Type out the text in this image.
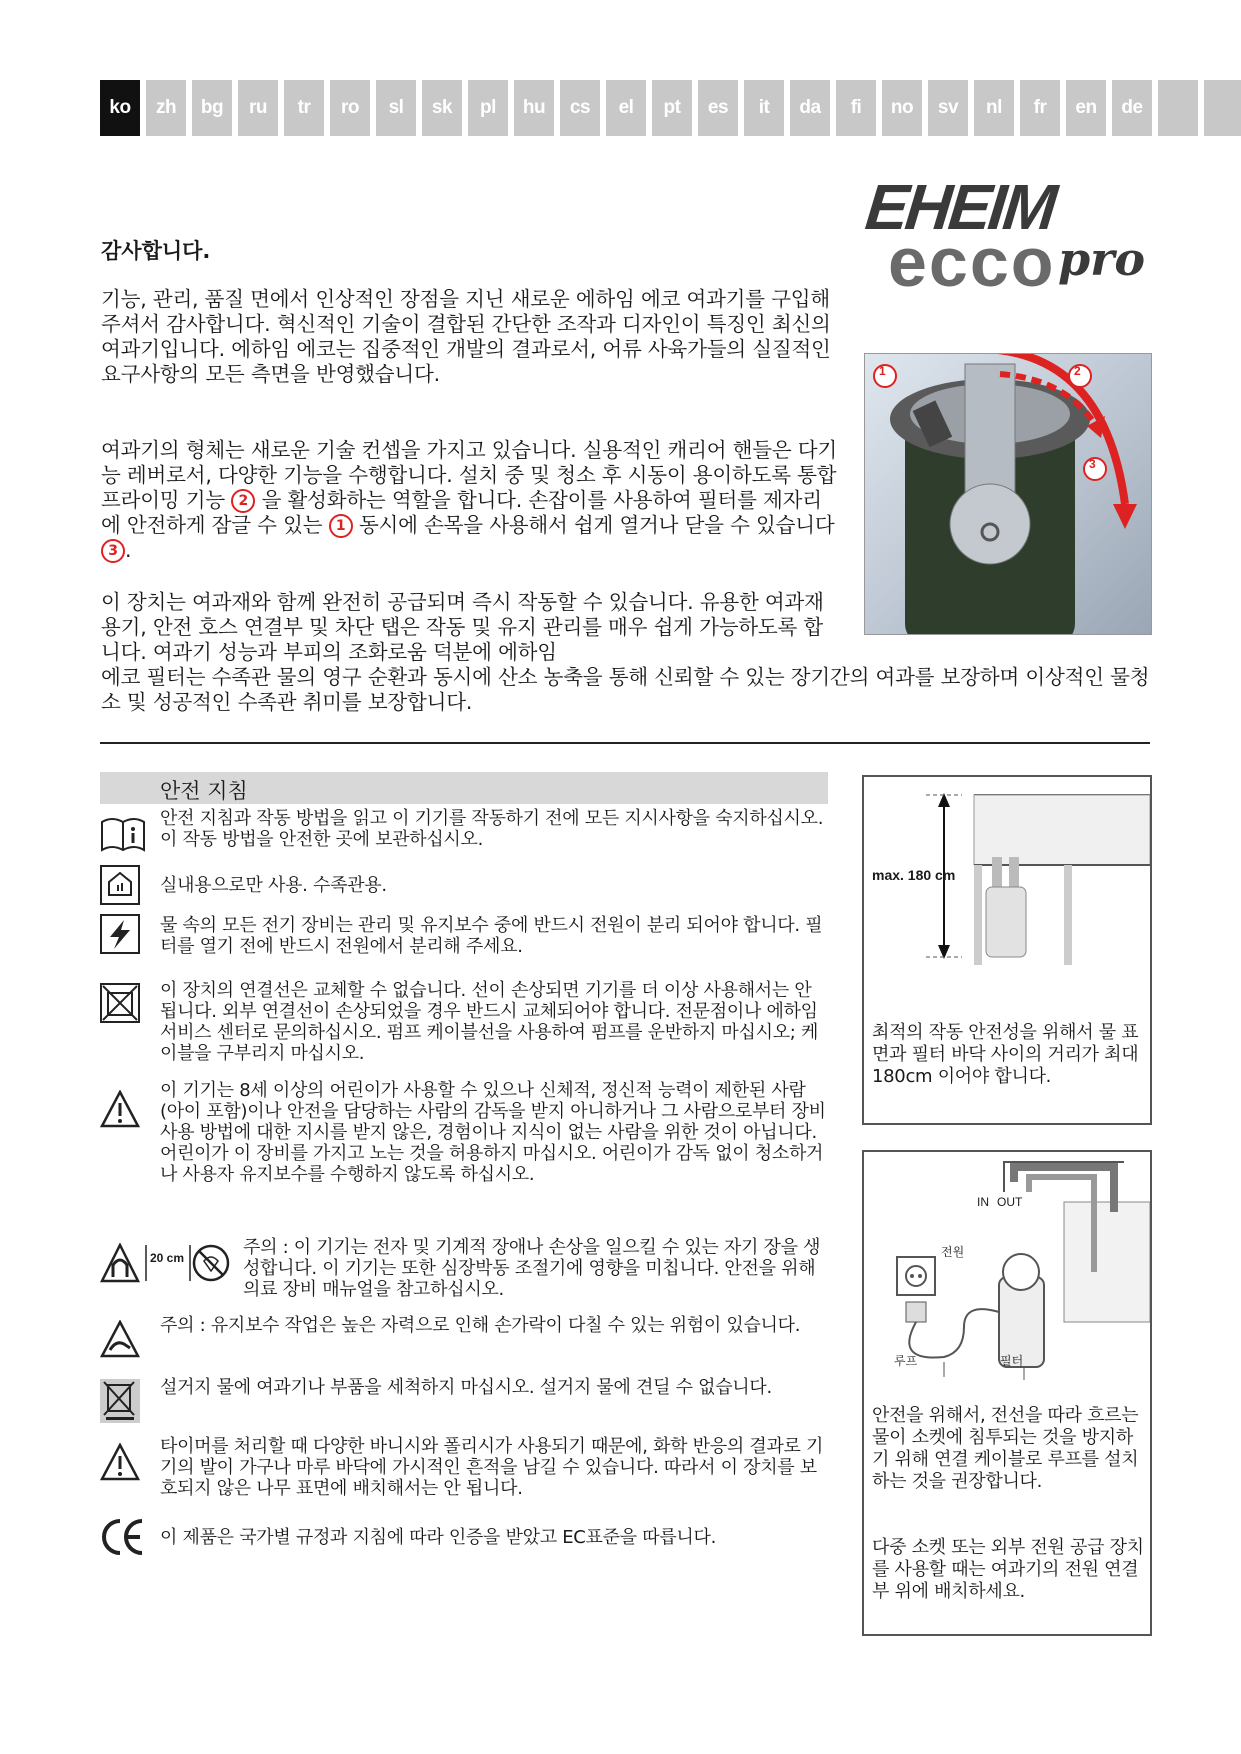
ko	zh	bg	ru	tr	ro	sl	sk	pl	hu	cs	el	pt	es	it	da	fi	no	sv	nl	fr	en	de
EHEIM
ecco pro
감사합니다.
기능, 관리, 품질 면에서 인상적인 장점을 지닌 새로운 에하임 에코 여과기를 구입해 주셔서 감사합니다. 혁신적인 기술이 결합된 간단한 조작과 디자인이 특징인 최신의 여과기입니다. 에하임 에코는 집중적인 개발의 결과로서, 어류 사육가들의 실질적인 요구사항의 모든 측면을 반영했습니다.
여과기의 형체는 새로운 기술 컨셉을 가지고 있습니다. 실용적인 캐리어 핸들은 다기능 레버로서, 다양한 기능을 수행합니다. 설치 중 및 청소 후 시동이 용이하도록 통합 프라이밍 기능 2 을 활성화하는 역할을 합니다. 손잡이를 사용하여 필터를 제자리에 안전하게 잠글 수 있는 1 동시에 손목을 사용해서 쉽게 열거나 닫을 수 있습니다 3 .
이 장치는 여과재와 함께 완전히 공급되며 즉시 작동할 수 있습니다. 유용한 여과재 용기, 안전 호스 연결부 및 차단 탭은 작동 및 유지 관리를 매우 쉽게 가능하도록 합니다. 여과기 성능과 부피의 조화로움 덕분에 에하임
에코 필터는 수족관 물의 영구 순환과 동시에 산소 농축을 통해 신뢰할 수 있는 장기간의 여과를 보장하며 이상적인 물청소 및 성공적인 수족관 취미를 보장합니다.
1	2
3
안전 지침
안전 지침과 작동 방법을 읽고 이 기기를 작동하기 전에 모든 지시사항을 숙지하십시오. 이 작동 방법을 안전한 곳에 보관하십시오.
실내용으로만 사용. 수족관용.
물 속의 모든 전기 장비는 관리 및 유지보수 중에 반드시 전원이 분리 되어야 합니다. 필터를 열기 전에 반드시 전원에서 분리해 주세요.
이 장치의 연결선은 교체할 수 없습니다. 선이 손상되면 기기를 더 이상 사용해서는 안됩니다. 외부 연결선이 손상되었을 경우 반드시 교체되어야 합니다. 전문점이나 에하임 서비스 센터로 문의하십시오. 펌프 케이블선을 사용하여 펌프를 운반하지 마십시오; 케이블을 구부리지 마십시오.
이 기기는 8세 이상의 어린이가 사용할 수 있으나 신체적, 정신적 능력이 제한된 사람(아이 포함)이나 안전을 담당하는 사람의 감독을 받지 아니하거나 그 사람으로부터 장비 사용 방법에 대한 지시를 받지 않은, 경험이나 지식이 없는 사람을 위한 것이 아닙니다. 어린이가 이 장비를 가지고 노는 것을 허용하지 마십시오. 어린이가 감독 없이 청소하거나 사용자 유지보수를 수행하지 않도록 하십시오.
20 cm	주의 : 이 기기는 전자 및 기계적 장애나 손상을 일으킬 수 있는 자기 장을 생성합니다. 이 기기는 또한 심장박동 조절기에 영향을 미칩니다. 안전을 위해 의료 장비 매뉴얼을 참고하십시오.
주의 : 유지보수 작업은 높은 자력으로 인해 손가락이 다칠 수 있는 위험이 있습니다.
설거지 물에 여과기나 부품을 세척하지 마십시오. 설거지 물에 견딜 수 없습니다.
타이머를 처리할 때 다양한 바니시와 폴리시가 사용되기 때문에, 화학 반응의 결과로 기기의 발이 가구나 마루 바닥에 가시적인 흔적을 남길 수 있습니다. 따라서 이 장치를 보호되지 않은 나무 표면에 배치해서는 안 됩니다.
이 제품은 국가별 규정과 지침에 따라 인증을 받았고 EC표준을 따릅니다.
max. 180 cm
최적의 작동 안전성을 위해서 물 표면과 필터 바닥 사이의 거리가 최대 180cm 이어야 합니다.
IN OUT
전원
루프	필터
안전을 위해서, 전선을 따라 흐르는 물이 소켓에 침투되는 것을 방지하기 위해 연결 케이블로 루프를 설치하는 것을 권장합니다.
다중 소켓 또는 외부 전원 공급 장치를 사용할 때는 여과기의 전원 연결부 위에 배치하세요.
